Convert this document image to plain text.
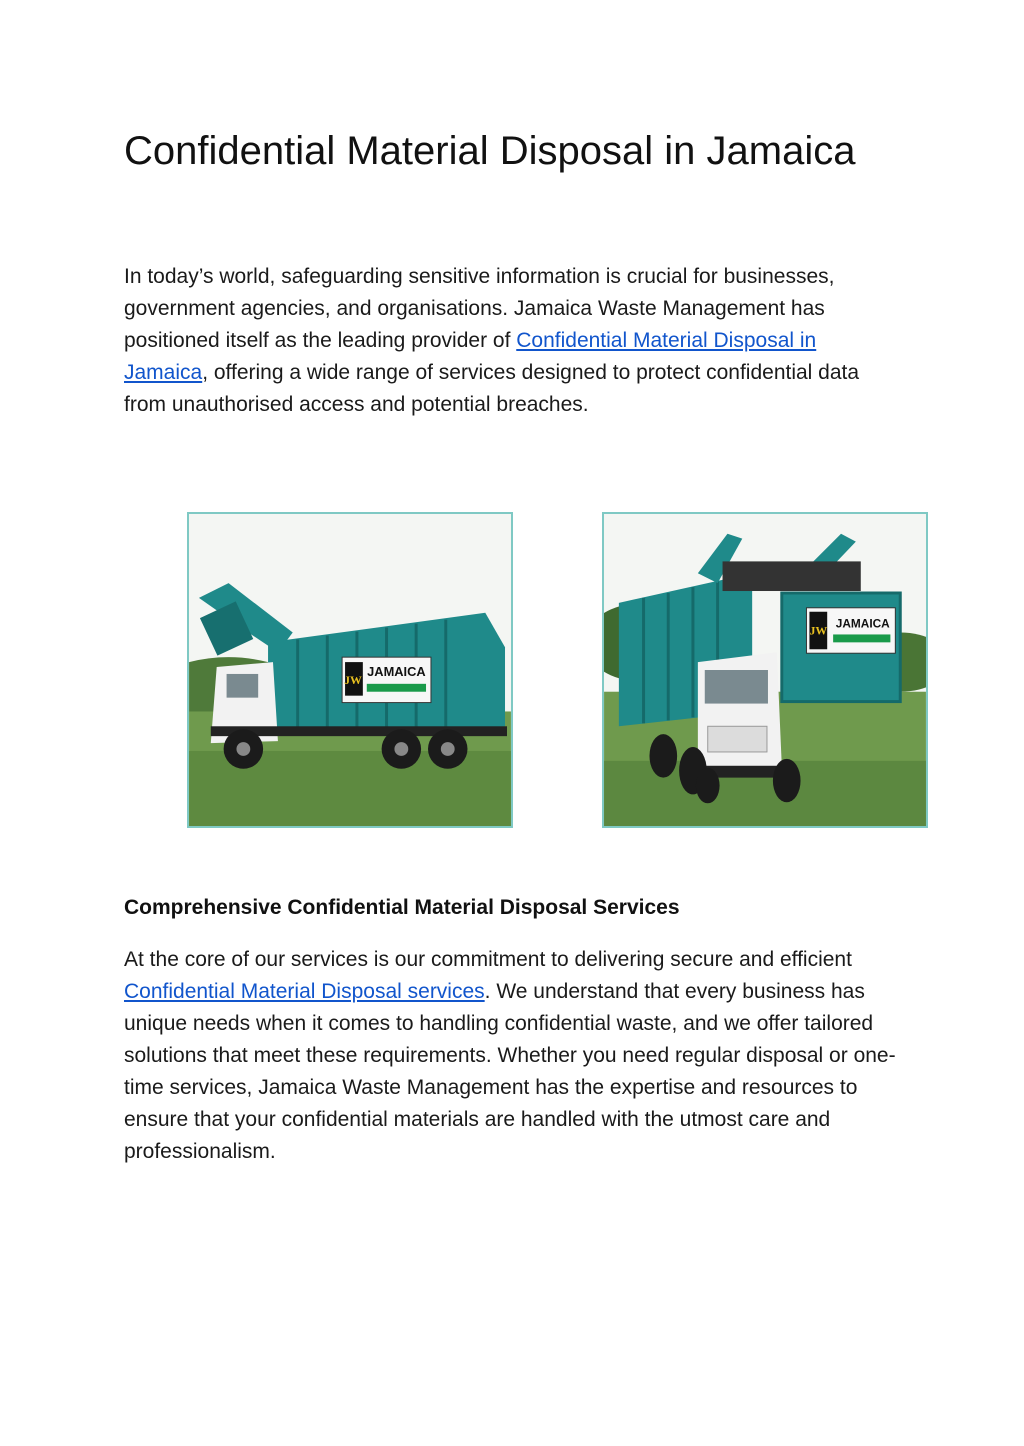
Confidential Material Disposal in Jamaica

In today’s world, safeguarding sensitive information is crucial for businesses, government agencies, and organisations. Jamaica Waste Management has positioned itself as the leading provider of Confidential Material Disposal in Jamaica, offering a wide range of services designed to protect confidential data from unauthorised access and potential breaches.

JW
JAMAICA
JW JAMAICA
Comprehensive Confidential Material Disposal Services

At the core of our services is our commitment to delivering secure and efficient Confidential Material Disposal services. We understand that every business has unique needs when it comes to handling confidential waste, and we offer tailored solutions that meet these requirements. Whether you need regular disposal or one-time services, Jamaica Waste Management has the expertise and resources to ensure that your confidential materials are handled with the utmost care and professionalism.
